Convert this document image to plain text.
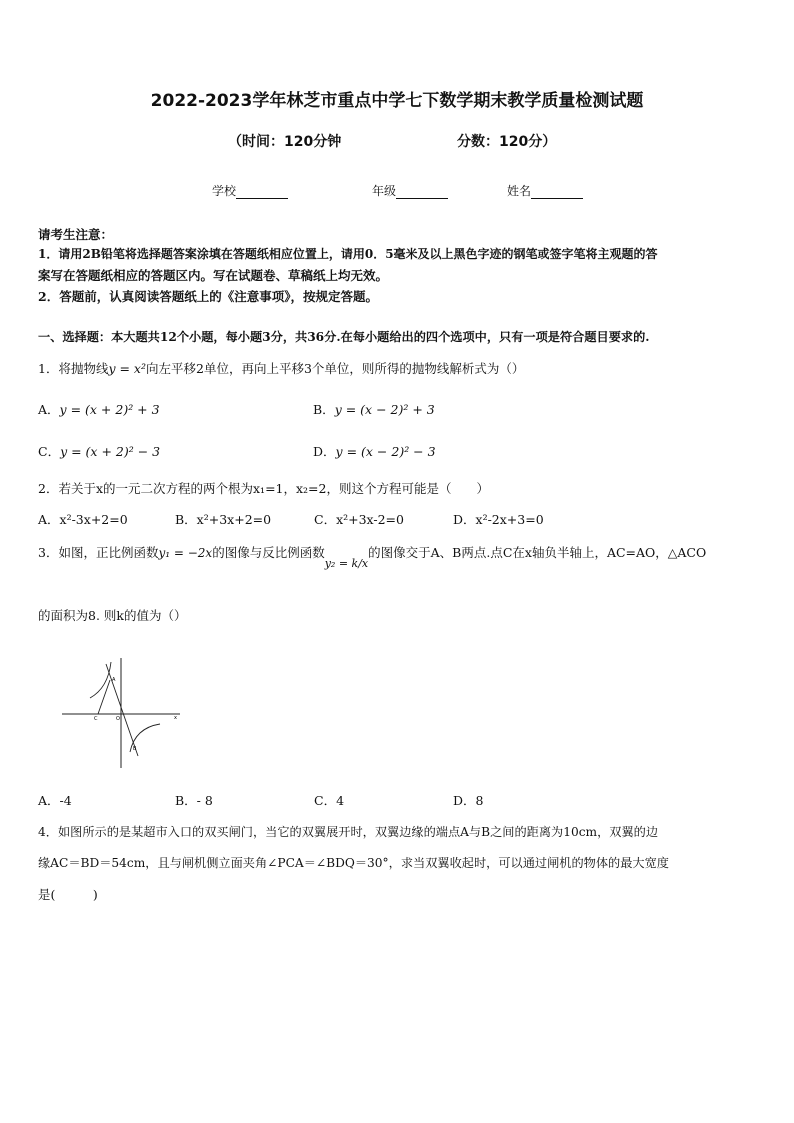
2022-2023学年林芝市重点中学七下数学期末教学质量检测试题
（时间：120分钟	分数：120分）
学校	年级	姓名
请考生注意：
1．请用2B铅笔将选择题答案涂填在答题纸相应位置上，请用0．5毫米及以上黑色字迹的钢笔或签字笔将主观题的答
案写在答题纸相应的答题区内。写在试题卷、草稿纸上均无效。
2．答题前，认真阅读答题纸上的《注意事项》，按规定答题。
一、选择题：本大题共12个小题，每小题3分，共36分.在每小题给出的四个选项中，只有一项是符合题目要求的.
1．将抛物线y = x²向左平移2单位，再向上平移3个单位，则所得的抛物线解析式为（）
A．y = (x + 2)² + 3	B．y = (x − 2)² + 3
C．y = (x + 2)² − 3	D．y = (x − 2)² − 3
2．若关于x的一元二次方程的两个根为x₁=1，x₂=2，则这个方程可能是（　　）
A．x²-3x+2=0	B．x²+3x+2=0	C．x²+3x-2=0	D．x²-2x+3=0
3．如图，正比例函数y₁ = −2x的图像与反比例函数y₂ = k/x的图像交于A、B两点.点C在x轴负半轴上，AC=AO，△ACO
的面积为8. 则k的值为（）
A
C	O
B
x
A．-4	B．- 8	C．4	D．8
4．如图所示的是某超市入口的双买闸门，当它的双翼展开时，双翼边缘的端点A与B之间的距离为10cm，双翼的边
缘AC＝BD＝54cm，且与闸机侧立面夹角∠PCA＝∠BDQ＝30°，求当双翼收起时，可以通过闸机的物体的最大宽度
是(　　　)
